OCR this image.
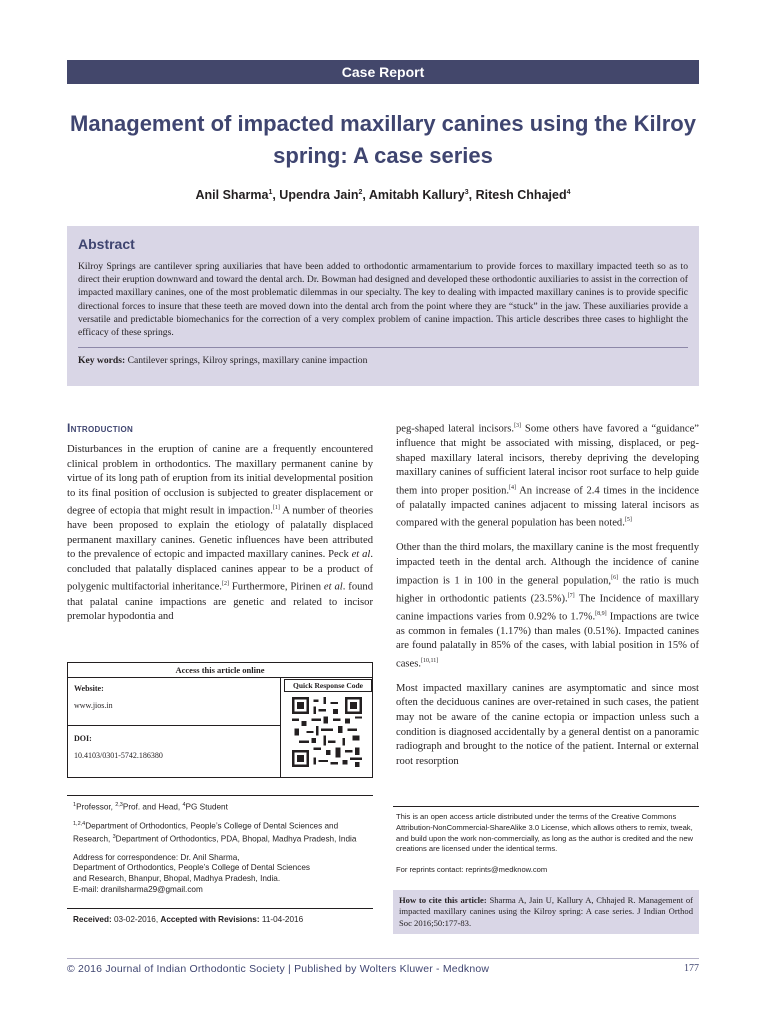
Case Report
Management of impacted maxillary canines using the Kilroy spring: A case series
Anil Sharma$^1$, Upendra Jain$^2$, Amitabh Kallury$^3$, Ritesh Chhajed$^4$
Abstract
Kilroy Springs are cantilever spring auxiliaries that have been added to orthodontic armamentarium to provide forces to maxillary impacted teeth so as to direct their eruption downward and toward the dental arch. Dr. Bowman had designed and developed these orthodontic auxiliaries to assist in the correction of impacted maxillary canines, one of the most problematic dilemmas in our specialty. The key to dealing with impacted maxillary canines is to provide specific directional forces to insure that these teeth are moved down into the dental arch from the point where they are “stuck” in the jaw. These auxiliaries provide a versatile and predictable biomechanics for the correction of a very complex problem of canine impaction. This article describes three cases to highlight the efficacy of these springs.
Key words: Cantilever springs, Kilroy springs, maxillary canine impaction
Introduction

Disturbances in the eruption of canine are a frequently encountered clinical problem in orthodontics. The maxillary permanent canine by virtue of its long path of eruption from its initial developmental position to its final position of occlusion is subjected to greater displacement or degree of ectopia that might result in impaction.[1] A number of theories have been proposed to explain the etiology of palatally displaced permanent maxillary canines. Genetic influences have been attributed to the prevalence of ectopic and impacted maxillary canines. Peck et al. concluded that palatally displaced canines appear to be a product of polygenic multifactorial inheritance.[2] Furthermore, Pirinen et al. found that palatal canine impactions are genetic and related to incisor premolar hypodontia and

peg-shaped lateral incisors.[3] Some others have favored a “guidance” influence that might be associated with missing, displaced, or peg-shaped maxillary lateral incisors, thereby depriving the developing maxillary canines of sufficient lateral incisor root surface to help guide them into proper position.[4] An increase of 2.4 times in the incidence of palatally impacted canines adjacent to missing lateral incisors as compared with the general population has been noted.[5]

Other than the third molars, the maxillary canine is the most frequently impacted teeth in the dental arch. Although the incidence of canine impaction is 1 in 100 in the general population,[6] the ratio is much higher in orthodontic patients (23.5%).[7] The Incidence of maxillary canine impactions varies from 0.92% to 1.7%.[8,9] Impactions are twice as common in females (1.17%) than males (0.51%). Impacted canines are found palatally in 85% of the cases, with labial position in 15% of cases.[10,11]

Most impacted maxillary canines are asymptomatic and since most often the deciduous canines are over-retained in such cases, the patient may not be aware of the canine ectopia or impaction unless such a condition is diagnosed accidentally by a general dentist on a panoramic radiograph and brought to the notice of the patient. Internal or external root resorption

Access this article online
Website:
www.jios.in
DOI:
10.4103/0301-5742.186380
Quick Response Code

$^1$Professor, $^{2,3}$Prof. and Head, $^4$PG Student

$^{1,2,4}$Department of Orthodontics, People’s College of Dental Sciences and Research, $^3$Department of Orthodontics, PDA, Bhopal, Madhya Pradesh, India

Address for correspondence: Dr. Anil Sharma,
Department of Orthodontics, People’s College of Dental Sciences
and Research, Bhanpur, Bhopal, Madhya Pradesh, India.
E-mail: dranilsharma29@gmail.com
Received: 03-02-2016, Accepted with Revisions: 11-04-2016
This is an open access article distributed under the terms of the Creative Commons Attribution-NonCommercial-ShareAlike 3.0 License, which allows others to remix, tweak, and build upon the work non-commercially, as long as the author is credited and the new creations are licensed under the identical terms.
For reprints contact: reprints@medknow.com
How to cite this article: Sharma A, Jain U, Kallury A, Chhajed R. Management of impacted maxillary canines using the Kilroy spring: A case series. J Indian Orthod Soc 2016;50:177-83.
© 2016 Journal of Indian Orthodontic Society | Published by Wolters Kluwer - Medknow	177
